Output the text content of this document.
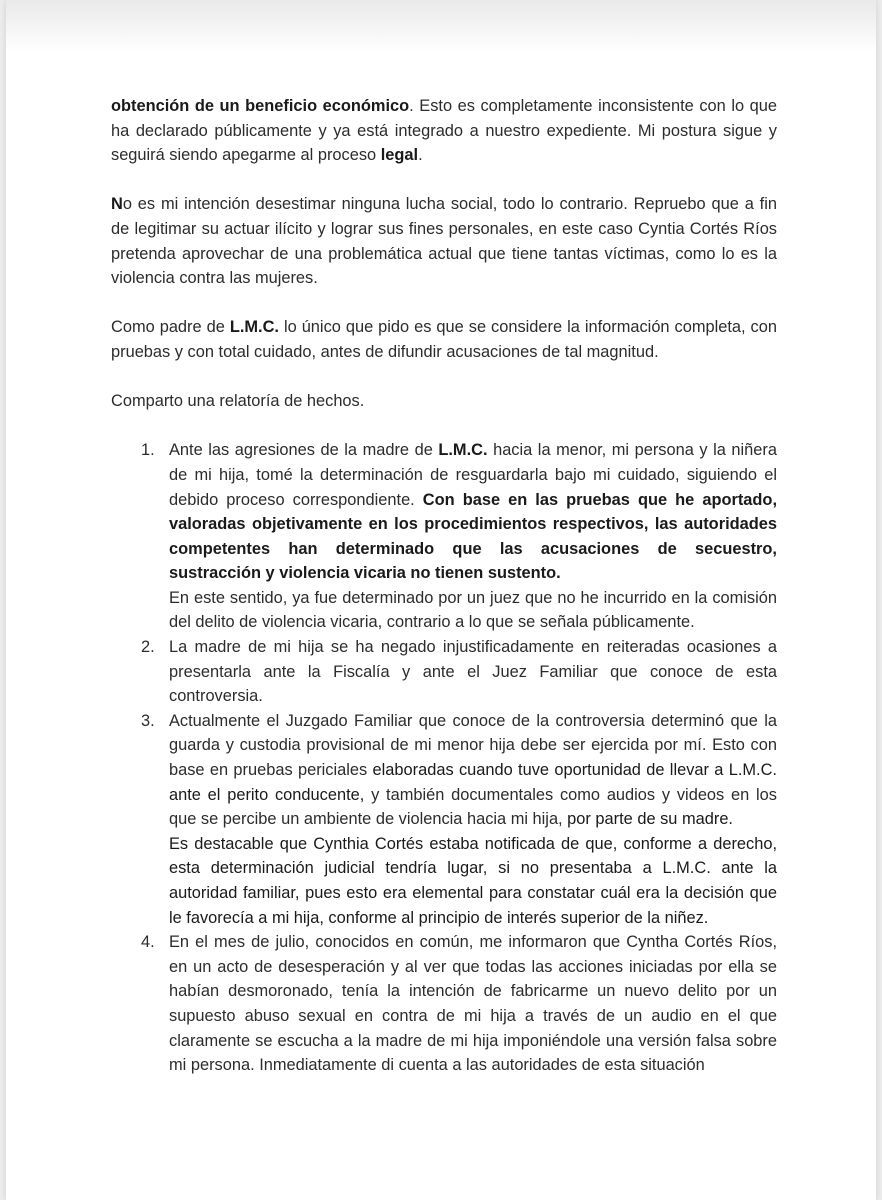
obtención de un beneficio económico. Esto es completamente inconsistente con lo que ha declarado públicamente y ya está integrado a nuestro expediente. Mi postura sigue y seguirá siendo apegarme al proceso legal.

No es mi intención desestimar ninguna lucha social, todo lo contrario. Repruebo que a fin de legitimar su actuar ilícito y lograr sus fines personales, en este caso Cyntia Cortés Ríos pretenda aprovechar de una problemática actual que tiene tantas víctimas, como lo es la violencia contra las mujeres.

Como padre de L.M.C. lo único que pido es que se considere la información completa, con pruebas y con total cuidado, antes de difundir acusaciones de tal magnitud.

Comparto una relatoría de hechos.

1. Ante las agresiones de la madre de L.M.C. hacia la menor, mi persona y la niñera de mi hija, tomé la determinación de resguardarla bajo mi cuidado, siguiendo el debido proceso correspondiente. Con base en las pruebas que he aportado, valoradas objetivamente en los procedimientos respectivos, las autoridades competentes han determinado que las acusaciones de secuestro, sustracción y violencia vicaria no tienen sustento.
En este sentido, ya fue determinado por un juez que no he incurrido en la comisión del delito de violencia vicaria, contrario a lo que se señala públicamente.
2. La madre de mi hija se ha negado injustificadamente en reiteradas ocasiones a presentarla ante la Fiscalía y ante el Juez Familiar que conoce de esta controversia.
3. Actualmente el Juzgado Familiar que conoce de la controversia determinó que la guarda y custodia provisional de mi menor hija debe ser ejercida por mí. Esto con base en pruebas periciales elaboradas cuando tuve oportunidad de llevar a L.M.C. ante el perito conducente, y también documentales como audios y videos en los que se percibe un ambiente de violencia hacia mi hija, por parte de su madre.
Es destacable que Cynthia Cortés estaba notificada de que, conforme a derecho, esta determinación judicial tendría lugar, si no presentaba a L.M.C. ante la autoridad familiar, pues esto era elemental para constatar cuál era la decisión que le favorecía a mi hija, conforme al principio de interés superior de la niñez.
4. En el mes de julio, conocidos en común, me informaron que Cyntha Cortés Ríos, en un acto de desesperación y al ver que todas las acciones iniciadas por ella se habían desmoronado, tenía la intención de fabricarme un nuevo delito por un supuesto abuso sexual en contra de mi hija a través de un audio en el que claramente se escucha a la madre de mi hija imponiéndole una versión falsa sobre mi persona. Inmediatamente di cuenta a las autoridades de esta situación
